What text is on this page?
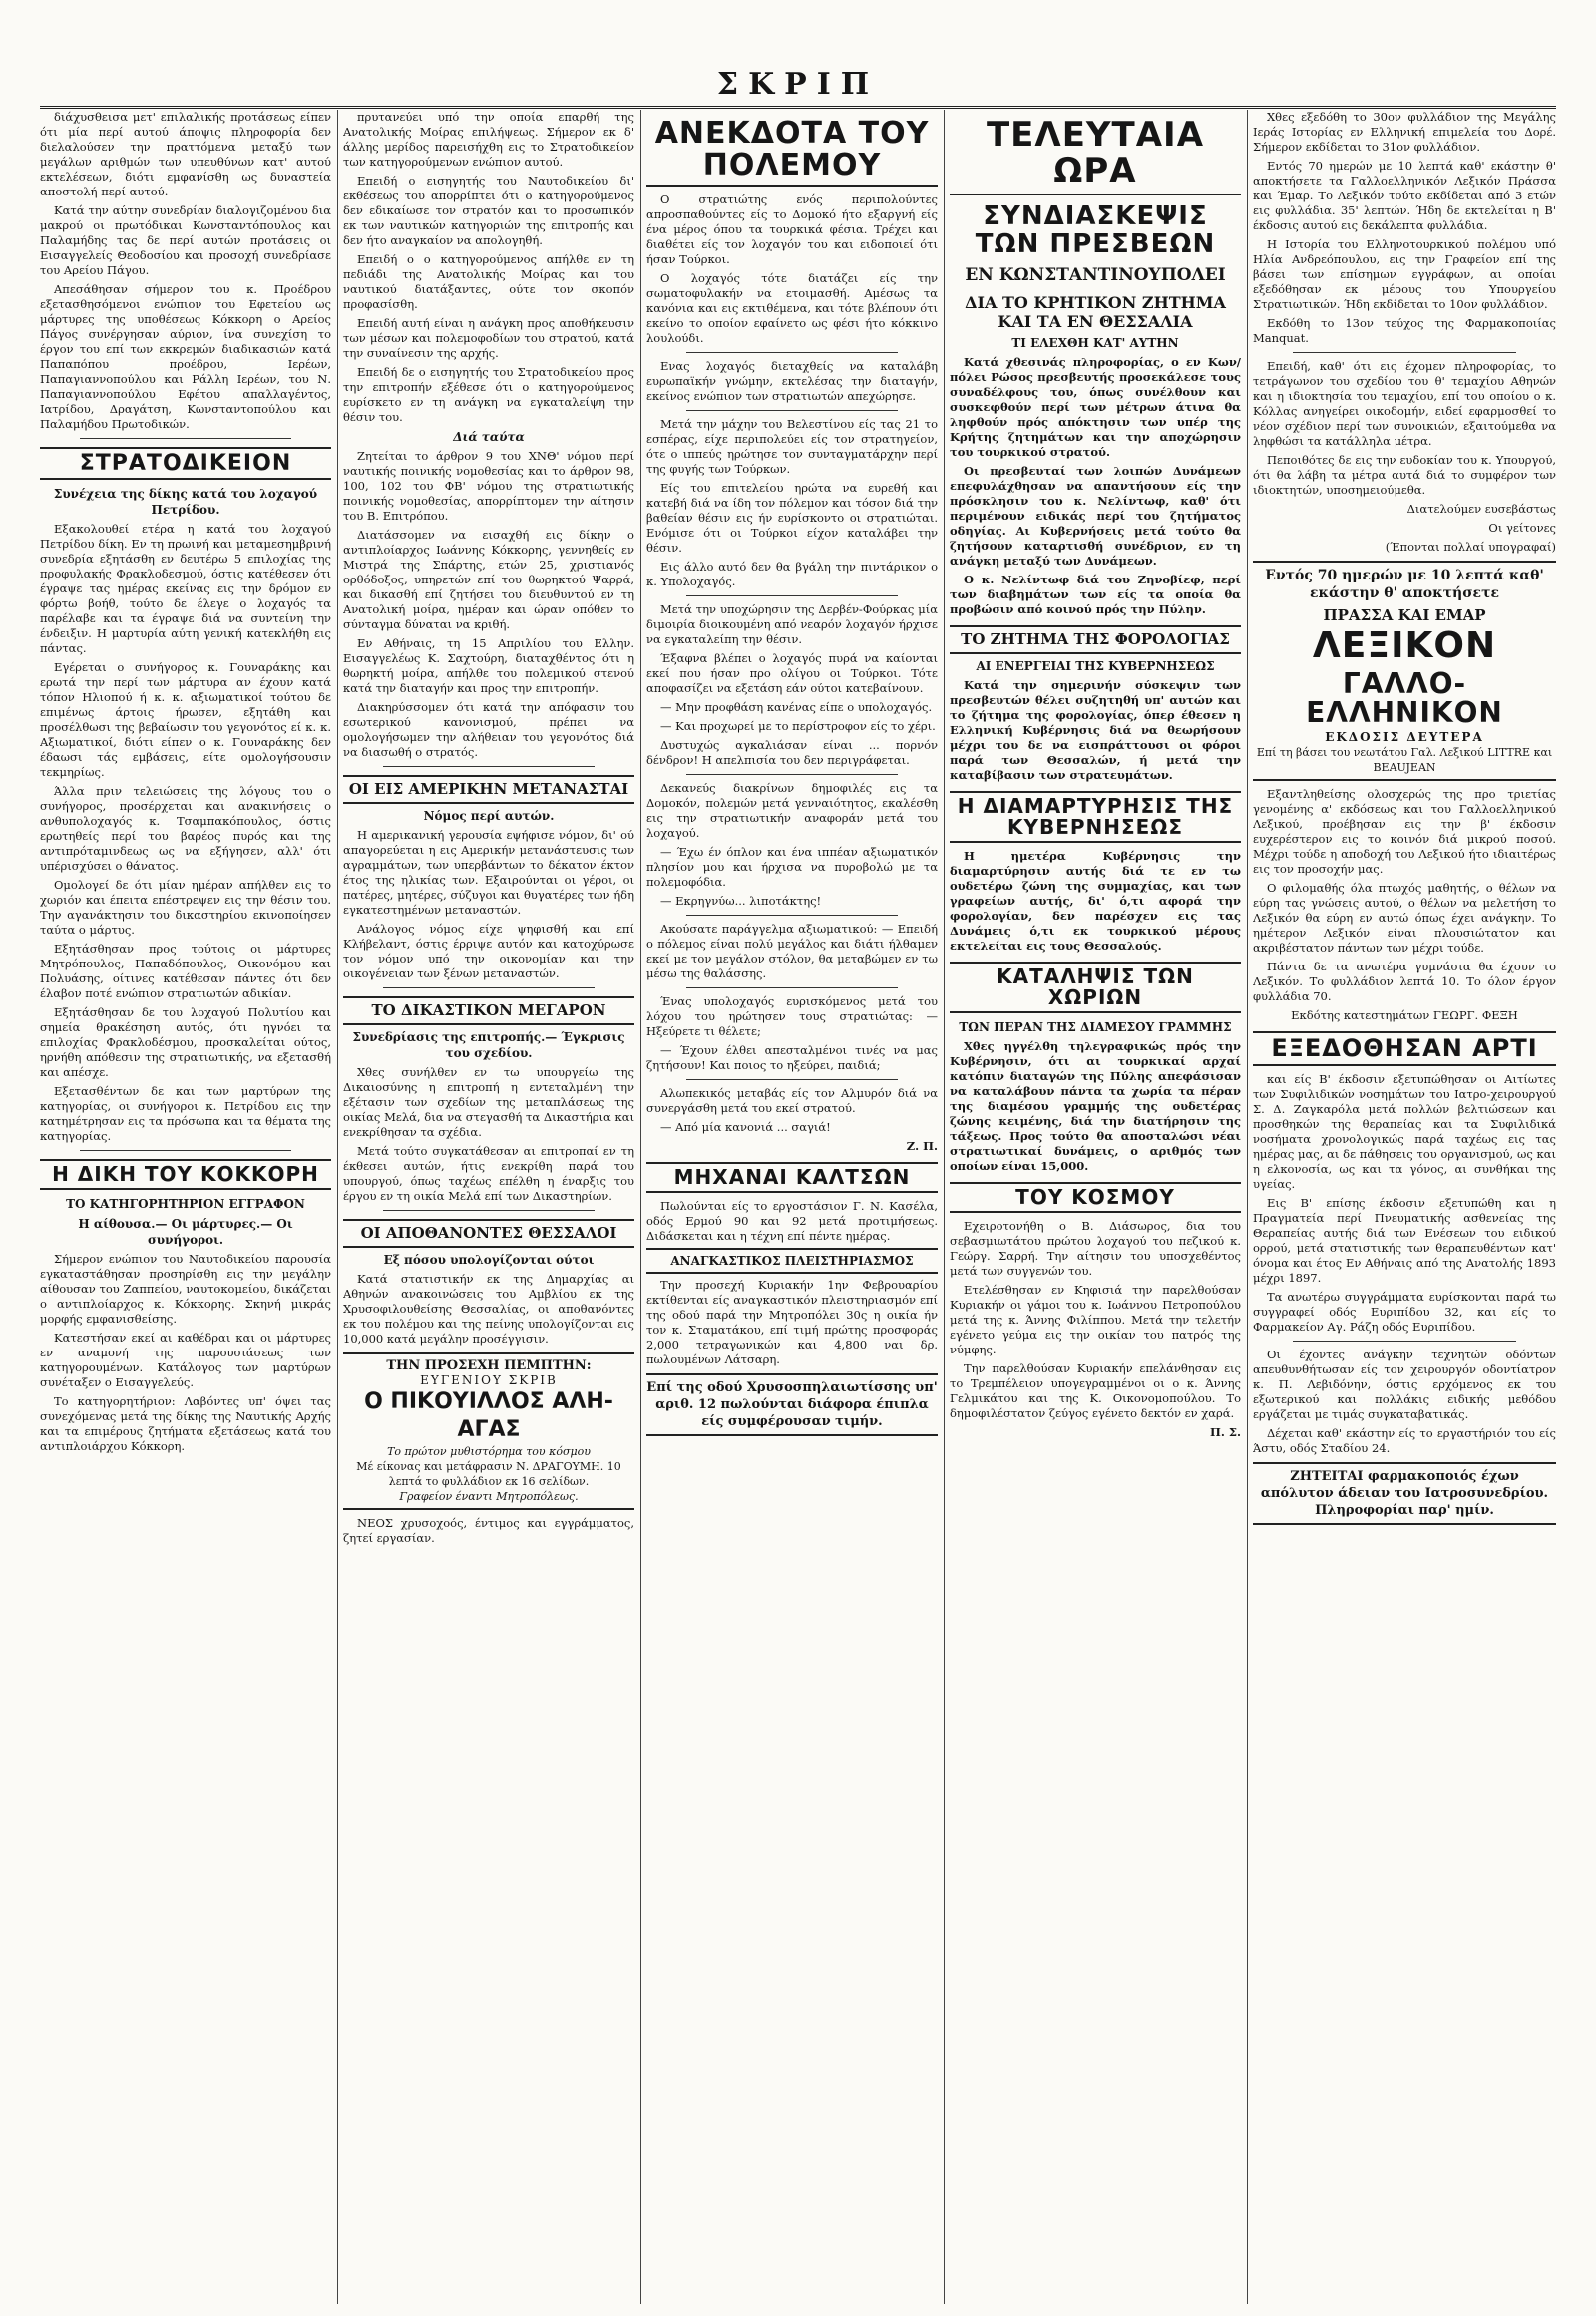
ΣΚΡΙΠ

διάχυσθεισα μετ' επιλαλικής προτάσεως είπεν ότι μία περί αυτού άποψις πληροφορία δεν διελαλούσεν την πραττόμενα μεταξύ των μεγάλων αριθμών των υπευθύνων κατ' αυτού εκτελέσεων, διότι εμφανίσθη ως δυναστεία αποστολή περί αυτού.

Κατά την αύτην συνεδρίαν διαλογιζομένου δια μακρού οι πρωτόδικαι Κωνσταντόπουλος και Παλαμήδης τας δε περί αυτών προτάσεις οι Εισαγγελείς Θεοδοσίου και προσοχή συνεδρίασε του Αρείου Πάγου.

Απεσάθησαν σήμερον του κ. Προέδρου εξετασθησόμενοι ενώπιον του Εφετείου ως μάρτυρες της υποθέσεως Κόκκορη ο Αρείος Πάγος συνέργησαν αύριον, ίνα συνεχίση το έργον του επί των εκκρεμών διαδικασιών κατά Παπαπόπου προέδρου, Ιερέων, Παπαγιαννοπούλου και Ράλλη Ιερέων, του Ν. Παπαγιαννοπούλου Εφέτου απαλλαγέντος, Ιατρίδου, Δραγάτση, Κωνσταντοπούλου και Παλαμήδου Πρωτοδικών.

ΣΤΡΑΤΟΔΙΚΕΙΟΝ
Συνέχεια της δίκης κατά του λοχαγού Πετρίδου.

Εξακολουθεί ετέρα η κατά του λοχαγού Πετρίδου δίκη. Εν τη πρωινή και μεταμεσημβρινή συνεδρία εξητάσθη εν δευτέρω 5 επιλοχίας της προφυλακής Φρακλοδεσμού, όστις κατέθεσεν ότι έγραψε τας ημέρας εκείνας εις την δρόμον εν φόρτω βοήθ, τούτο δε έλεγε ο λοχαγός τα παρέλαβε και τα έγραψε διά να συντείνη την ένδειξιν. Η μαρτυρία αύτη γενική κατεκλήθη εις πάντας.

Εγέρεται ο συνήγορος κ. Γουναράκης και ερωτά την περί των μάρτυρα αν έχουν κατά τόπον Ηλιοπού ή κ. κ. αξιωματικοί τούτου δε επιμένως άρτοις ήρωσεν, εξητάθη και προσέλθωσι της βεβαίωσιν του γεγονότος εί κ. κ. Αξιωματικοί, διότι είπεν ο κ. Γουναράκης δεν έδαωσι τάς εμβάσεις, είτε ομολογήσουσιν τεκμηρίως.

Άλλα πριν τελειώσεις της λόγους του ο συνήγορος, προσέρχεται και ανακινήσεις ο ανθυπολοχαγός κ. Τσαμπακόπουλος, όστις ερωτηθείς περί του βαρέος πυρός και της αντιπρόταμινδεως ως να εξήγησεν, αλλ' ότι υπέρισχύσει ο θάνατος.

Ομολογεί δε ότι μίαν ημέραν απήλθεν εις το χωριόν και έπειτα επέστρεψεν εις την θέσιν του. Την αγανάκτησιν του δικαστηρίου εκινοποίησεν ταύτα ο μάρτυς.

Εξητάσθησαν προς τούτοις οι μάρτυρες Μητρόπουλος, Παπαδόπουλος, Οικονόμου και Πολυάσης, οίτινες κατέθεσαν πάντες ότι δεν έλαβον ποτέ ενώπιον στρατιωτών αδικίαν.

Εξητάσθησαν δε του λοχαγού Πολυτίου και σημεία θρακέσηση αυτός, ότι ηγνόει τα επιλοχίας Φρακλοδέσμου, προσκαλείται ούτος, ηρνήθη απόθεσιν της στρατιωτικής, να εξετασθή και απέσχε.

Εξετασθέντων δε και των μαρτύρων της κατηγορίας, οι συνήγοροι κ. Πετρίδου εις την κατημέτρησαν εις τα πρόσωπα και τα θέματα της κατηγορίας.

Η ΔΙΚΗ ΤΟΥ ΚΟΚΚΟΡΗ
ΤΟ ΚΑΤΗΓΟΡΗΤΗΡΙΟΝ ΕΓΓΡΑΦΟΝ
Η αίθουσα.— Οι μάρτυρες.— Οι συνήγοροι.

Σήμερον ενώπιον του Ναυτοδικείου παρουσία εγκαταστάθησαν προσηρίσθη εις την μεγάλην αίθουσαν του Ζαππείου, ναυτοκομείου, δικάζεται ο αντιπλοίαρχος κ. Κόκκορης. Σκηνή μικράς μορφής εμφανισθείσης.

Κατεστήσαν εκεί αι καθέδραι και οι μάρτυρες εν αναμονή της παρουσιάσεως των κατηγορουμένων. Κατάλογος των μαρτύρων συνέταξεν ο Εισαγγελεύς.

Το κατηγορητήριον: Λαβόντες υπ' όψει τας συνεχόμενας μετά της δίκης της Ναυτικής Αρχής και τα επιμέρους ζητήματα εξετάσεως κατά του αντιπλοιάρχου Κόκκορη.

πρυτανεύει υπό την οποία επαρθή της Ανατολικής Μοίρας επιλήψεως. Σήμερον εκ δ' άλλης μερίδος παρεισήχθη εις το Στρατοδικείον των κατηγορούμενων ενώπιον αυτού.

Επειδή ο εισηγητής του Ναυτοδικείου δι' εκθέσεως του απορρίπτει ότι ο κατηγορούμενος δεν εδικαίωσε τον στρατόν και το προσωπικόν εκ των ναυτικών κατηγοριών της επιτροπής και δεν ήτο αναγκαίον να απολογηθή.

Επειδή ο ο κατηγορούμενος απήλθε εν τη πεδιάδι της Ανατολικής Μοίρας και του ναυτικού διατάξαντες, ούτε τον σκοπόν προφασίσθη.

Επειδή αυτή είναι η ανάγκη προς αποθήκευσιν των μέσων και πολεμοφοδίων του στρατού, κατά την συναίνεσιν της αρχής.

Επειδή δε ο εισηγητής του Στρατοδικείου προς την επιτροπήν εξέθεσε ότι ο κατηγορούμενος ευρίσκετο εν τη ανάγκη να εγκαταλείψη την θέσιν του.

Διά ταύτα

Ζητείται το άρθρον 9 του ΧΝΘ' νόμου περί ναυτικής ποινικής νομοθεσίας και το άρθρον 98, 100, 102 του ΦΒ' νόμου της στρατιωτικής ποινικής νομοθεσίας, απορρίπτομεν την αίτησιν του Β. Επιτρόπου.

Διατάσσομεν να εισαχθή εις δίκην ο αντιπλοίαρχος Ιωάννης Κόκκορης, γεννηθείς εν Μιστρά της Σπάρτης, ετών 25, χριστιανός ορθόδοξος, υπηρετών επί του θωρηκτού Ψαρρά, και δικασθή επί ζητήσει του διευθυντού εν τη Ανατολική μοίρα, ημέραν και ώραν οπόθεν το σύνταγμα δύναται να κριθή.

Εν Αθήναις, τη 15 Απριλίου του Ελλην. Εισαγγελέως Κ. Σαχτούρη, διαταχθέντος ότι η θωρηκτή μοίρα, απήλθε του πολεμικού στενού κατά την διαταγήν και προς την επιτροπήν.

Διακηρύσσομεν ότι κατά την απόφασιν του εσωτερικού κανονισμού, πρέπει να ομολογήσωμεν την αλήθειαν του γεγονότος διά να διασωθή ο στρατός.

ΟΙ ΕΙΣ ΑΜΕΡΙΚΗΝ ΜΕΤΑΝΑΣΤΑΙ
Νόμος περί αυτών.

Η αμερικανική γερουσία εψήφισε νόμον, δι' ού απαγορεύεται η εις Αμερικήν μετανάστευσις των αγραμμάτων, των υπερβάντων το δέκατον έκτον έτος της ηλικίας των. Εξαιρούνται οι γέροι, οι πατέρες, μητέρες, σύζυγοι και θυγατέρες των ήδη εγκατεστημένων μεταναστών.

Ανάλογος νόμος είχε ψηφισθή και επί Κλήβελαντ, όστις έρριψε αυτόν και κατοχύρωσε τον νόμον υπό την οικονομίαν και την οικογένειαν των ξένων μεταναστών.

ΤΟ ΔΙΚΑΣΤΙΚΟΝ ΜΕΓΑΡΟΝ
Συνεδρίασις της επιτροπής.— Έγκρισις του σχεδίου.

Χθες συνήλθεν εν τω υπουργείω της Δικαιοσύνης η επιτροπή η εντεταλμένη την εξέτασιν των σχεδίων της μεταπλάσεως της οικίας Μελά, δια να στεγασθή τα Δικαστήρια και ενεκρίθησαν τα σχέδια.

Μετά τούτο συγκατάθεσαν αι επιτροπαί εν τη έκθεσει αυτών, ήτις ενεκρίθη παρά του υπουργού, όπως ταχέως επέλθη η έναρξις του έργου εν τη οικία Μελά επί των Δικαστηρίων.

ΟΙ ΑΠΟΘΑΝΟΝΤΕΣ ΘΕΣΣΑΛΟΙ
Εξ πόσου υπολογίζονται ούτοι

Κατά στατιστικήν εκ της Δημαρχίας αι Αθηνών ανακοινώσεις του Αμβλίου εκ της Χρυσοφιλουθείσης Θεσσαλίας, οι αποθανόντες εκ του πολέμου και της πείνης υπολογίζονται εις 10,000 κατά μεγάλην προσέγγισιν.

ΤΗΝ ΠΡΟΣΕΧΗ ΠΕΜΠΤΗΝ:
ΕΥΓΕΝΙΟΥ ΣΚΡΙΒ
Ο ΠΙΚΟΥΙΛΛΟΣ ΑΛΗ-ΑΓΑΣ
Το πρώτον μυθιστόρημα του κόσμου
Μέ είκονας και μετάφρασιν Ν. ΔΡΑΓΟΥΜΗ. 10 λεπτά το φυλλάδιον εκ 16 σελίδων.
Γραφείον έναντι Μητροπόλεως.

ΝΕΟΣ χρυσοχοός, έντιμος και εγγράμματος, ζητεί εργασίαν.

ΑΝΕΚΔΟΤΑ ΤΟΥ ΠΟΛΕΜΟΥ

Ο στρατιώτης ενός περιπολούντες απροσπαθούντες είς το Δομοκό ήτο εξαργνή είς ένα μέρος όπου τα τουρκικά φέσια. Τρέχει και διαθέτει είς τον λοχαγόν του και ειδοποιεί ότι ήσαν Τούρκοι.

Ο λοχαγός τότε διατάζει είς την σωματοφυλακήν να ετοιμασθή. Αμέσως τα κανόνια και εις εκτιθέμενα, και τότε βλέπουν ότι εκείνο το οποίον εφαίνετο ως φέσι ήτο κόκκινο λουλούδι.

Ενας λοχαγός διεταχθείς να καταλάβη ευρωπαϊκήν γνώμην, εκτελέσας την διαταγήν, εκείνος ενώπιον των στρατιωτών απεχώρησε.

Μετά την μάχην του Βελεστίνου είς τας 21 το εσπέρας, είχε περιπολεύει είς τον στρατηγείον, ότε ο ιππεύς ηρώτησε τον συνταγματάρχην περί της φυγής των Τούρκων.

Είς του επιτελείου ηρώτα να ευρεθή και κατεβή διά να ίδη τον πόλεμον και τόσον διά την βαθείαν θέσιν εις ήν ευρίσκοντο οι στρατιώται. Ενόμισε ότι οι Τούρκοι είχον καταλάβει την θέσιν.

Εις άλλο αυτό δεν θα βγάλη την πιντάρικον ο κ. Υπολοχαγός.

Μετά την υποχώρησιν της Δερβέν-Φούρκας μία διμοιρία διοικουμένη από νεαρόν λοχαγόν ήρχισε να εγκαταλείπη την θέσιν.

Έξαφνα βλέπει ο λοχαγός πυρά να καίονται εκεί που ήσαν προ ολίγου οι Τούρκοι. Τότε αποφασίζει να εξετάση εάν ούτοι κατεβαίνουν.

— Μην προφθάση κανένας είπε ο υπολοχαγός.

— Και προχωρεί με το περίστροφον είς το χέρι.

Δυστυχώς αγκαλιάσαν είναι ... πορνόν δένδρον! Η απελπισία του δεν περιγράφεται.

Δεκανεύς διακρίνων δημοφιλές εις τα Δομοκόν, πολεμών μετά γενναιότητος, εκαλέσθη εις την στρατιωτικήν αναφοράν μετά του λοχαγού.

— Έχω έν όπλον και ένα ιππέαν αξιωματικόν πλησίον μου και ήρχισα να πυροβολώ με τα πολεμοφόδια.

— Εκρηγνύω... λιποτάκτης!

Ακούσατε παράγγελμα αξιωματικού: — Επειδή ο πόλεμος είναι πολύ μεγάλος και διάτι ήλθαμεν εκεί με τον μεγάλον στόλον, θα μεταβώμεν εν τω μέσω της θαλάσσης.

Ένας υπολοχαγός ευρισκόμενος μετά του λόχου του ηρώτησεν τους στρατιώτας: — Ηξεύρετε τι θέλετε;

— Έχουν έλθει απεσταλμένοι τινές να μας ζητήσουν! Και ποιος το ηξεύρει, παιδιά;

Αλωπεκικός μεταβάς είς τον Αλμυρόν διά να συνεργάσθη μετά του εκεί στρατού.

— Από μία κανονιά ... σαγιά!

Ζ. Π.

ΜΗΧΑΝΑΙ ΚΑΛΤΣΩΝ

Πωλούνται είς το εργοστάσιον Γ. Ν. Κασέλα, οδός Ερμού 90 και 92 μετά προτιμήσεως. Διδάσκεται και η τέχνη επί πέντε ημέρας.

ΑΝΑΓΚΑΣΤΙΚΟΣ ΠΛΕΙΣΤΗΡΙΑΣΜΟΣ

Την προσεχή Κυριακήν 1ην Φεβρουαρίου εκτίθενται είς αναγκαστικόν πλειστηριασμόν επί της οδού παρά την Μητροπόλει 30ς η οικία ήν τον κ. Σταματάκου, επί τιμή πρώτης προσφοράς 2,000 τετραγωνικών και 4,800 ναι δρ. πωλουμένων Λάτσαρη.

Επί της οδού Χρυσοσπηλαιωτίσσης υπ' αριθ. 12 πωλούνται διάφορα έπιπλα είς συμφέρουσαν τιμήν.
ΤΕΛΕΥΤΑΙΑ ΩΡΑ
ΣΥΝΔΙΑΣΚΕΨΙΣ ΤΩΝ ΠΡΕΣΒΕΩΝ
ΕΝ ΚΩΝΣΤΑΝΤΙΝΟΥΠΟΛΕΙ
ΔΙΑ ΤΟ ΚΡΗΤΙΚΟΝ ΖΗΤΗΜΑ ΚΑΙ ΤΑ ΕΝ ΘΕΣΣΑΛΙΑ
ΤΙ ΕΛΕΧΘΗ ΚΑΤ' ΑΥΤΗΝ

Κατά χθεσινάς πληροφορίας, ο εν Κων/πόλει Ρώσος πρεσβευτής προσεκάλεσε τους συναδέλφους του, όπως συνέλθουν και συσκεφθούν περί των μέτρων άτινα θα ληφθούν πρός απόκτησιν των υπέρ της Κρήτης ζητημάτων και την αποχώρησιν του τουρκικού στρατού.

Οι πρεσβευταί των λοιπών Δυνάμεων επεφυλάχθησαν να απαντήσουν είς την πρόσκλησιν του κ. Νελίντωφ, καθ' ότι περιμένουν ειδικάς περί του ζητήματος οδηγίας. Αι Κυβερνήσεις μετά τούτο θα ζητήσουν καταρτισθή συνέδριον, εν τη ανάγκη μεταξύ των Δυνάμεων.

Ο κ. Νελίντωφ διά του Ζηνοβίεφ, περί των διαβημάτων των είς τα οποία θα προβώσιν από κοινού πρός την Πύλην.

ΤΟ ΖΗΤΗΜΑ ΤΗΣ ΦΟΡΟΛΟΓΙΑΣ
ΑΙ ΕΝΕΡΓΕΙΑΙ ΤΗΣ ΚΥΒΕΡΝΗΣΕΩΣ

Κατά την σημερινήν σύσκεψιν των πρεσβευτών θέλει συζητηθή υπ' αυτών και το ζήτημα της φορολογίας, όπερ έθεσεν η Ελληνική Κυβέρνησις διά να θεωρήσουν μέχρι του δε να εισπράττουσι οι φόροι παρά των Θεσσαλών, ή μετά την καταβίβασιν των στρατευμάτων.

Η ΔΙΑΜΑΡΤΥΡΗΣΙΣ ΤΗΣ ΚΥΒΕΡΝΗΣΕΩΣ

Η ημετέρα Κυβέρνησις την διαμαρτύρησιν αυτής διά τε εν τω ουδετέρω ζώνη της συμμαχίας, και των γραφείων αυτής, δι' ό,τι αφορά την φορολογίαν, δεν παρέσχεν εις τας Δυνάμεις ό,τι εκ τουρκικού μέρους εκτελείται εις τους Θεσσαλούς.

ΚΑΤΑΛΗΨΙΣ ΤΩΝ ΧΩΡΙΩΝ
ΤΩΝ ΠΕΡΑΝ ΤΗΣ ΔΙΑΜΕΣΟΥ ΓΡΑΜΜΗΣ

Χθες ηγγέλθη τηλεγραφικώς πρός την Κυβέρνησιν, ότι αι τουρκικαί αρχαί κατόπιν διαταγών της Πύλης απεφάσισαν να καταλάβουν πάντα τα χωρία τα πέραν της διαμέσου γραμμής της ουδετέρας ζώνης κειμένης, διά την διατήρησιν της τάξεως. Προς τούτο θα αποσταλώσι νέαι στρατιωτικαί δυνάμεις, ο αριθμός των οποίων είναι 15,000.

ΤΟΥ ΚΟΣΜΟΥ

Εχειροτονήθη ο Β. Διάσωρος, δια του σεβασμιωτάτου πρώτου λοχαγού του πεζικού κ. Γεώργ. Σαρρή. Την αίτησιν του υποσχεθέντος μετά των συγγενών του.

Ετελέσθησαν εν Κηφισιά την παρελθούσαν Κυριακήν οι γάμοι του κ. Ιωάννου Πετροπούλου μετά της κ. Άννης Φιλίππου. Μετά την τελετήν εγένετο γεύμα εις την οικίαν του πατρός της νύμφης.

Την παρελθούσαν Κυριακήν επελάνθησαν εις το Τρεμπέλειον υπογεγραμμένοι οι ο κ. Άννης Γελμικάτου και της Κ. Οικονομοπούλου. Το δημοφιλέστατον ζεύγος εγένετο δεκτόν εν χαρά.

Π. Σ.

Χθες εξεδόθη το 30ον φυλλάδιον της Μεγάλης Ιεράς Ιστορίας εν Ελληνική επιμελεία του Δορέ. Σήμερον εκδίδεται το 31ον φυλλάδιον.

Εντός 70 ημερών με 10 λεπτά καθ' εκάστην θ' αποκτήσετε τα Γαλλοελληνικόν Λεξικόν Πράσσα και Έμαρ. Το Λεξικόν τούτο εκδίδεται από 3 ετών εις φυλλάδια. 35' λεπτών. Ήδη δε εκτελείται η Β' έκδοσις αυτού εις δεκάλεπτα φυλλάδια.

Η Ιστορία του Ελληνοτουρκικού πολέμου υπό Ηλία Ανδρεόπουλου, εις την Γραφείον επί της βάσει των επίσημων εγγράφων, αι οποίαι εξεδόθησαν εκ μέρους του Υπουργείου Στρατιωτικών. Ήδη εκδίδεται το 10ον φυλλάδιον.

Εκδόθη το 13ον τεύχος της Φαρμακοποιίας Manquat.

Επειδή, καθ' ότι εις έχομεν πληροφορίας, το τετράγωνον του σχεδίου του θ' τεμαχίου Αθηνών και η ιδιοκτησία του τεμαχίου, επί του οποίου ο κ. Κόλλας ανηγείρει οικοδομήν, ειδεί εφαρμοσθεί το νέον σχέδιον περί των συνοικιών, εξαιτούμεθα να ληφθώσι τα κατάλληλα μέτρα.

Πεποιθότες δε εις την ευδοκίαν του κ. Υπουργού, ότι θα λάβη τα μέτρα αυτά διά το συμφέρον των ιδιοκτητών, υποσημειούμεθα.

Διατελούμεν ευσεβάστως

Οι γείτονες

(Έπονται πολλαί υπογραφαί)

Εντός 70 ημερών με 10 λεπτά καθ' εκάστην θ' αποκτήσετε
ΠΡΑΣΣΑ ΚΑΙ ΕΜΑΡ
ΛΕΞΙΚΟΝ
ΓΑΛΛΟ-ΕΛΛΗΝΙΚΟΝ
ΕΚΔΟΣΙΣ ΔΕΥΤΕΡΑ
Επί τη βάσει του νεωτάτου Γαλ. Λεξικού LITTRE και BEAUJEAN

Εξαντληθείσης ολοσχερώς της προ τριετίας γενομένης α' εκδόσεως και του Γαλλοελληνικού Λεξικού, προέβησαν εις την β' έκδοσιν ευχερέστερον εις το κοινόν διά μικρού ποσού. Μέχρι τούδε η αποδοχή του Λεξικού ήτο ιδιαιτέρως εις τον προσοχήν μας.

Ο φιλομαθής όλα πτωχός μαθητής, ο θέλων να εύρη τας γνώσεις αυτού, ο θέλων να μελετήση το Λεξικόν θα εύρη εν αυτώ όπως έχει ανάγκην. Το ημέτερον Λεξικόν είναι πλουσιώτατον και ακριβέστατον πάντων των μέχρι τούδε.

Πάντα δε τα ανωτέρα γυμνάσια θα έχουν το Λεξικόν. Το φυλλάδιον λεπτά 10. Το όλον έργον φυλλάδια 70.

Εκδότης κατεστημάτων ΓΕΩΡΓ. ΦΕΞΗ

ΕΞΕΔΟΘΗΣΑΝ ΑΡΤΙ

και είς Β' έκδοσιν εξετυπώθησαν οι Αιτίωτες των Συφιλιδικών νοσημάτων του Ιατρο-χειρουργού Σ. Δ. Ζαγκαρόλα μετά πολλών βελτιώσεων και προσθηκών της θεραπείας και τα Συφιλιδικά νοσήματα χρονολογικώς παρά ταχέως εις τας ημέρας μας, αι δε πάθησεις του οργανισμού, ως και η ελκονοσία, ως και τα γόνος, αι συνθήκαι της υγείας.

Εις Β' επίσης έκδοσιν εξετυπώθη και η Πραγματεία περί Πνευματικής ασθενείας της Θεραπείας αυτής διά των Ενέσεων του ειδικού ορρού, μετά στατιστικής των θεραπευθέντων κατ' όνομα και έτος Εν Αθήναις από της Ανατολής 1893 μέχρι 1897.

Τα ανωτέρω συγγράμματα ευρίσκονται παρά τω συγγραφεί οδός Ευριπίδου 32, και είς το Φαρμακείον Αγ. Ράζη οδός Ευριπίδου.

Οι έχοντες ανάγκην τεχνητών οδόντων απευθυνθήτωσαν είς τον χειρουργόν οδοντίατρον κ. Π. Λεβιδόνην, όστις ερχόμενος εκ του εξωτερικού και πολλάκις ειδικής μεθόδου εργάζεται με τιμάς συγκαταβατικάς.

Δέχεται καθ' εκάστην είς το εργαστήριόν του είς Άστυ, οδός Σταδίου 24.

ΖΗΤΕΙΤΑΙ φαρμακοποιός έχων απόλυτον άδειαν του Ιατροσυνεδρίου. Πληροφορίαι παρ' ημίν.
